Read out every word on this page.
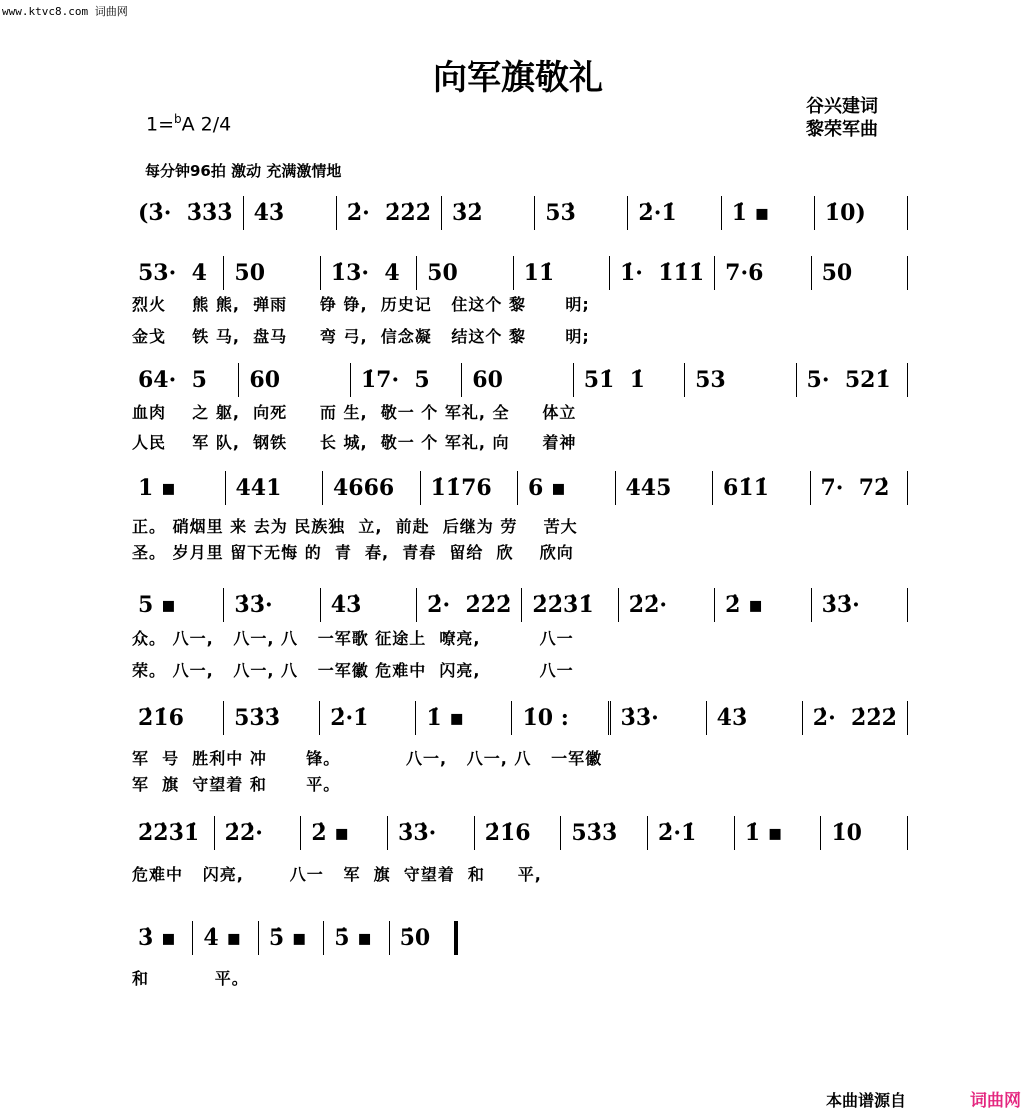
www.ktvc8.com 词曲网
向军旗敬礼
1=$^b$A 2/4
谷兴建词
黎荣军曲
每分钟96拍 激动 充满激情地
(3̇·  3̇3̇3̇ 4̇3̇	2̇·  2̇2̇2̇ 3̇2̇	53̇	2̇·1̇	1̇ ▪	1̇0)
53·  4	50	1̇3·  4	50	11̇	1̇·  1̇1̇1̇ 7·6	50
64·  5	60	1̇7·  5	60	51̇  1̇	53	5·  521̇
1 ▪	441	4666	1̇1̇76	6 ▪	445	61̇1̇	7·  72̇
5 ▪	3̇3̇·	4̇3̇	2̇·  2̇2̇2̇ 2̇2̇3̇1̇	2̇2̇·	2̇ ▪	3̇3̇·
2̇1̇6	53̇3̇	2̇·1̇	1̇ ▪	1̇0 :	3̇3̇·	4̇3̇	2̇·  2̇2̇2̇
2̇2̇3̇1̇	2̇2̇·	2̇ ▪	3̇3̇·	2̇1̇6	53̇3̇	2̇·1̇	1̇ ▪	1̇0
3̇ ▪	4̇ ▪	5̇ ▪	5̇ ▪	5̇0
烈火    熊 熊,  弹雨     铮 铮,  历史记   住这个 黎      明;
金戈    铁 马,  盘马     弯 弓,  信念凝   结这个 黎      明;
血肉    之 躯,  向死     而 生,  敬一 个 军礼, 全     体立
人民    军 队,  钢铁     长 城,  敬一 个 军礼, 向     着神
正。 硝烟里 来 去为 民族独  立,  前赴  后继为 劳    苦大
圣。 岁月里 留下无悔 的  青  春,  青春  留给  欣    欣向
众。 八一,   八一, 八   一军歌 征途上  嘹亮,         八一
荣。 八一,   八一, 八   一军徽 危难中  闪亮,         八一
军  号  胜利中 冲      锋。          八一,   八一, 八   一军徽
军  旗  守望着 和      平。
危难中   闪亮,       八一   军  旗  守望着  和     平,
和          平。
本曲谱源自	词曲网
